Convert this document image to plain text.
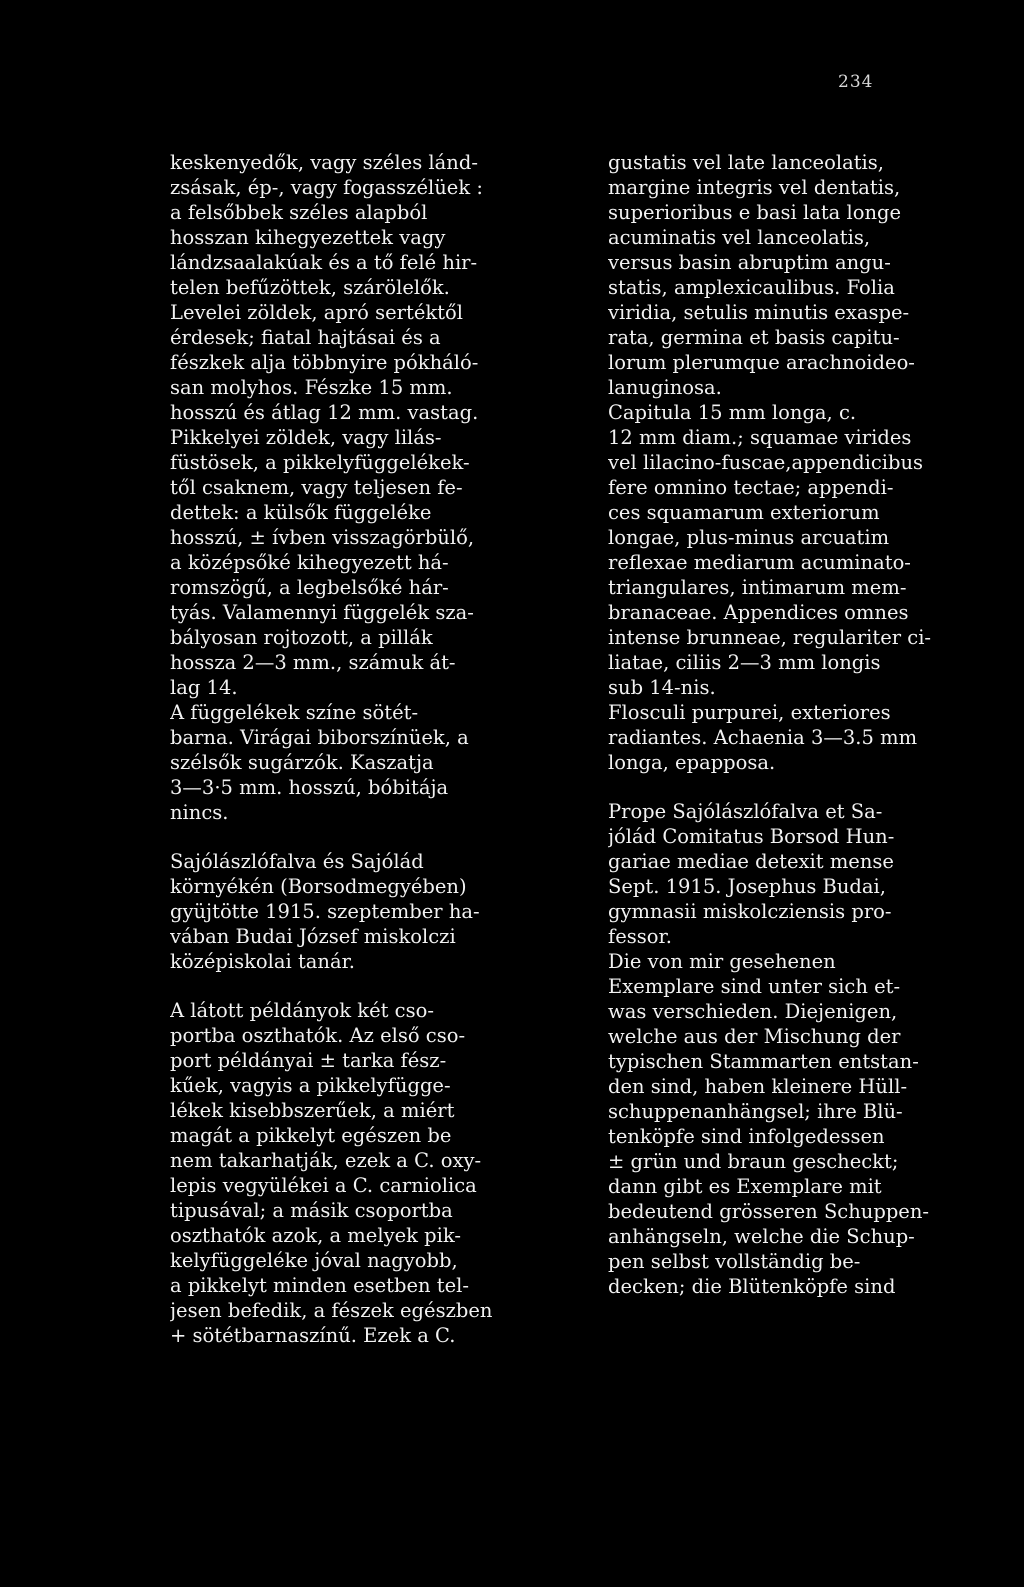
234

keskenyedők, vagy széles lánd-
zsásak, ép-, vagy fogasszélüek :
a felsőbbek széles alapból
hosszan kihegyezettek vagy
lándzsaalakúak és a tő felé hir-
telen befűzöttek, szárölelők.
Levelei zöldek, apró sertéktől
érdesek; fiatal hajtásai és a
fészkek alja többnyire pókháló-
san molyhos. Fészke 15 mm.
hosszú és átlag 12 mm. vastag.
Pikkelyei zöldek, vagy lilás-
füstösek, a pikkelyfüggelékek-
től csaknem, vagy teljesen fe-
dettek: a külsők függeléke
hosszú, ± ívben visszagörbülő,
a középsőké kihegyezett há-
romszögű, a legbelsőké hár-
tyás. Valamennyi függelék sza-
bályosan rojtozott, a pillák
hossza 2—3 mm., számuk át-
lag 14.

A függelékek színe sötét-
barna. Virágai biborszínüek, a
szélsők sugárzók. Kaszatja
3—3·5 mm. hosszú, bóbitája
nincs.

Sajólászlófalva és Sajólád
környékén (Borsodmegyében)
gyüjtötte 1915. szeptember ha-
vában Budai József miskolczi
középiskolai tanár.

A látott példányok két cso-
portba oszthatók. Az első cso-
port példányai ± tarka fész-
kűek, vagyis a pikkelyfügge-
lékek kisebbszerűek, a miért
magát a pikkelyt egészen be
nem takarhatják, ezek a C. oxy-
lepis vegyülékei a C. carniolica
tipusával; a másik csoportba
oszthatók azok, a melyek pik-
kelyfüggeléke jóval nagyobb,
a pikkelyt minden esetben tel-
jesen befedik, a fészek egészben
+ sötétbarnaszínű. Ezek a C.

gustatis vel late lanceolatis,
margine integris vel dentatis,
superioribus e basi lata longe
acuminatis vel lanceolatis,
versus basin abruptim angu-
statis, amplexicaulibus. Folia
viridia, setulis minutis exaspe-
rata, germina et basis capitu-
lorum plerumque arachnoideo-
lanuginosa.

Capitula 15 mm longa, c.
12 mm diam.; squamae virides
vel lilacino-fuscae,appendicibus
fere omnino tectae; appendi-
ces squamarum exteriorum
longae, plus-minus arcuatim
reflexae mediarum acuminato-
triangulares, intimarum mem-
branaceae. Appendices omnes
intense brunneae, regulariter ci-
liatae, ciliis 2—3 mm longis
sub 14-nis.

Flosculi purpurei, exteriores
radiantes. Achaenia 3—3.5 mm
longa, epapposa.

Prope Sajólászlófalva et Sa-
jólád Comitatus Borsod Hun-
gariae mediae detexit mense
Sept. 1915. Josephus Budai,
gymnasii miskolcziensis pro-
fessor.

Die von mir gesehenen
Exemplare sind unter sich et-
was verschieden. Diejenigen,
welche aus der Mischung der
typischen Stammarten entstan-
den sind, haben kleinere Hüll-
schuppenanhängsel; ihre Blü-
tenköpfe sind infolgedessen
± grün und braun gescheckt;
dann gibt es Exemplare mit
bedeutend grösseren Schuppen-
anhängseln, welche die Schup-
pen selbst vollständig be-
decken; die Blütenköpfe sind
